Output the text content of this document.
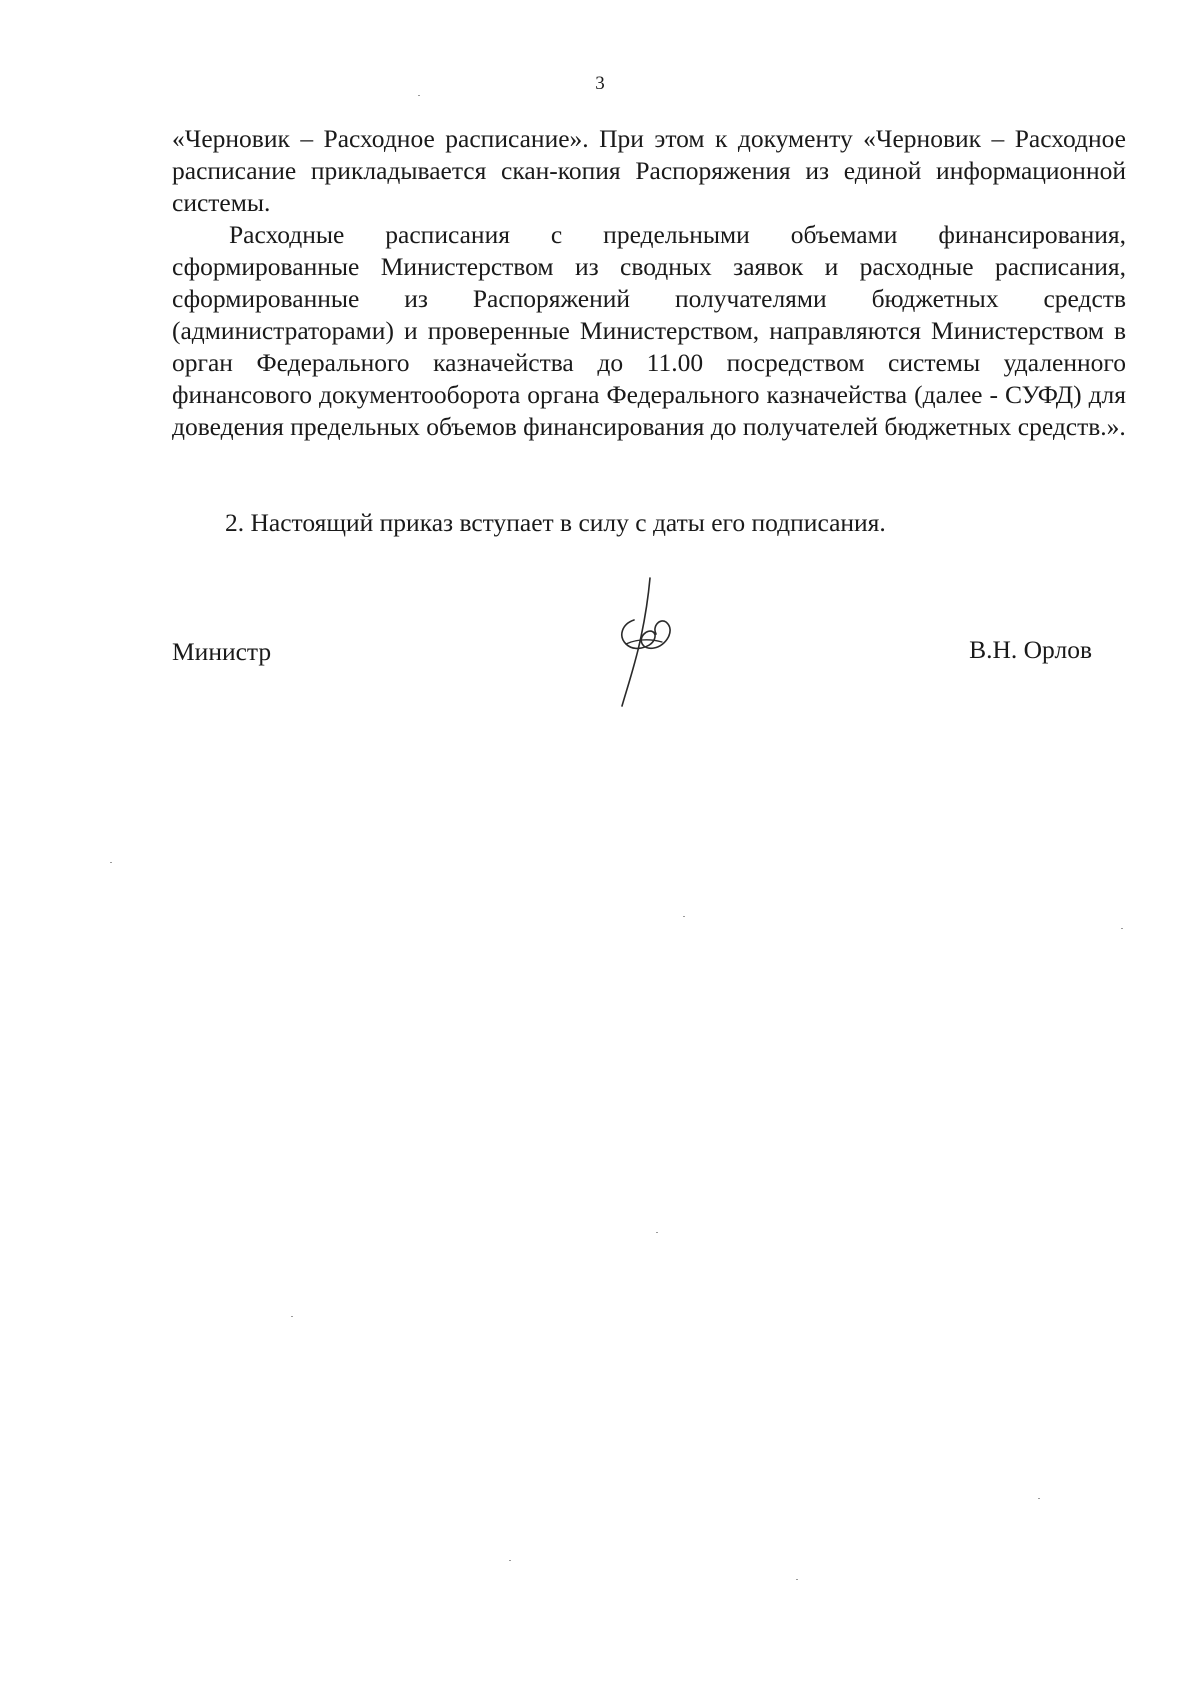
3

«Черновик – Расходное расписание». При этом к документу «Черновик – Расходное расписание прикладывается скан-копия Распоряжения из единой информационной системы.

Расходные расписания с предельными объемами финансирования, сформированные Министерством из сводных заявок и расходные расписания, сформированные из Распоряжений получателями бюджетных средств (администраторами) и проверенные Министерством, направляются Министерством в орган Федерального казначейства до 11.00 посредством системы удаленного финансового документооборота органа Федерального казначейства (далее - СУФД) для доведения предельных объемов финансирования до получателей бюджетных средств.».

2. Настоящий приказ вступает в силу с даты его подписания.

Министр	В.Н. Орлов
